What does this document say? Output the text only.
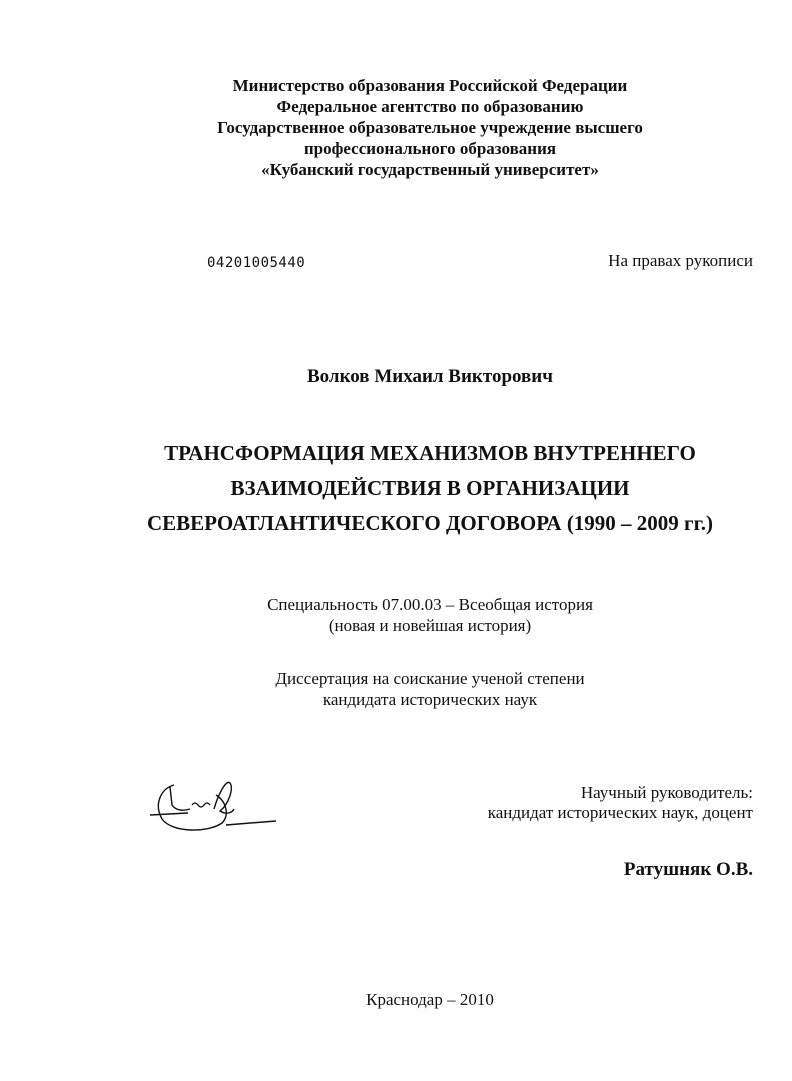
Министерство образования Российской Федерации
Федеральное агентство по образованию
Государственное образовательное учреждение высшего
профессионального образования
«Кубанский государственный университет»
04201005440	На правах рукописи
Волков Михаил Викторович
ТРАНСФОРМАЦИЯ МЕХАНИЗМОВ ВНУТРЕННЕГО
ВЗАИМОДЕЙСТВИЯ В ОРГАНИЗАЦИИ
СЕВЕРОАТЛАНТИЧЕСКОГО ДОГОВОРА (1990 – 2009 гг.)
Специальность 07.00.03 – Всеобщая история
(новая и новейшая история)
Диссертация на соискание ученой степени
кандидата исторических наук
Научный руководитель:
кандидат исторических наук, доцент
Ратушняк О.В.
Краснодар – 2010
